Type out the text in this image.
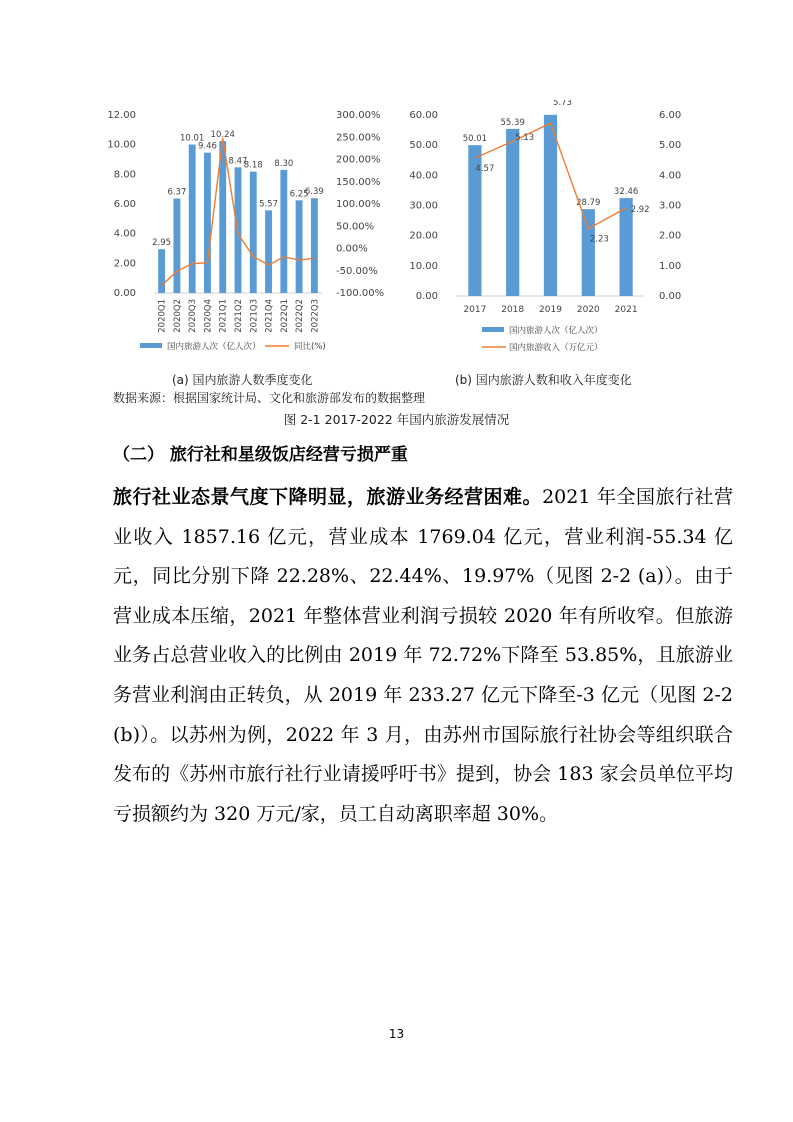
12.00
10.00
8.00
6.00
4.00
2.00
0.00
300.00%
250.00%
200.00%
150.00%
100.00%
50.00%
0.00%
-50.00%
-100.00%
2.95
6.37
10.01
9.46
10.24
8.47
8.18
5.57
8.30
6.25
6.39
2020Q1 2020Q2 2020Q3 2020Q4 2021Q1 2021Q2 2021Q3 2021Q4 2022Q1 2022Q2 2022Q3
国内旅游人次（亿人次）	同比(%)
60.00
50.00
40.00
30.00
20.00
10.00
0.00
6.00
5.00
4.00
3.00
2.00
1.00
0.00
50.01
55.39
28.79
32.46
4.57
5.13
5.73
2.23
2.92
2017 2018 2019 2020 2021
国内旅游人次（亿人次）
国内旅游收入（万亿元）
(a) 国内旅游人数季度变化	(b) 国内旅游人数和收入年度变化
数据来源：根据国家统计局、文化和旅游部发布的数据整理
图 2-1 2017-2022 年国内旅游发展情况
（二） 旅行社和星级饭店经营亏损严重
旅行社业态景气度下降明显，旅游业务经营困难。2021 年全国旅行社营业收入 1857.16 亿元，营业成本 1769.04 亿元，营业利润-55.34 亿元，同比分别下降 22.28%、22.44%、19.97%（见图 2-2 (a)）。由于营业成本压缩，2021 年整体营业利润亏损较 2020 年有所收窄。但旅游业务占总营业收入的比例由 2019 年 72.72%下降至 53.85%，且旅游业务营业利润由正转负，从 2019 年 233.27 亿元下降至-3 亿元（见图 2-2 (b)）。以苏州为例，2022 年 3 月，由苏州市国际旅行社协会等组织联合发布的《苏州市旅行社行业请援呼吁书》提到，协会 183 家会员单位平均亏损额约为 320 万元/家，员工自动离职率超 30%。
13
